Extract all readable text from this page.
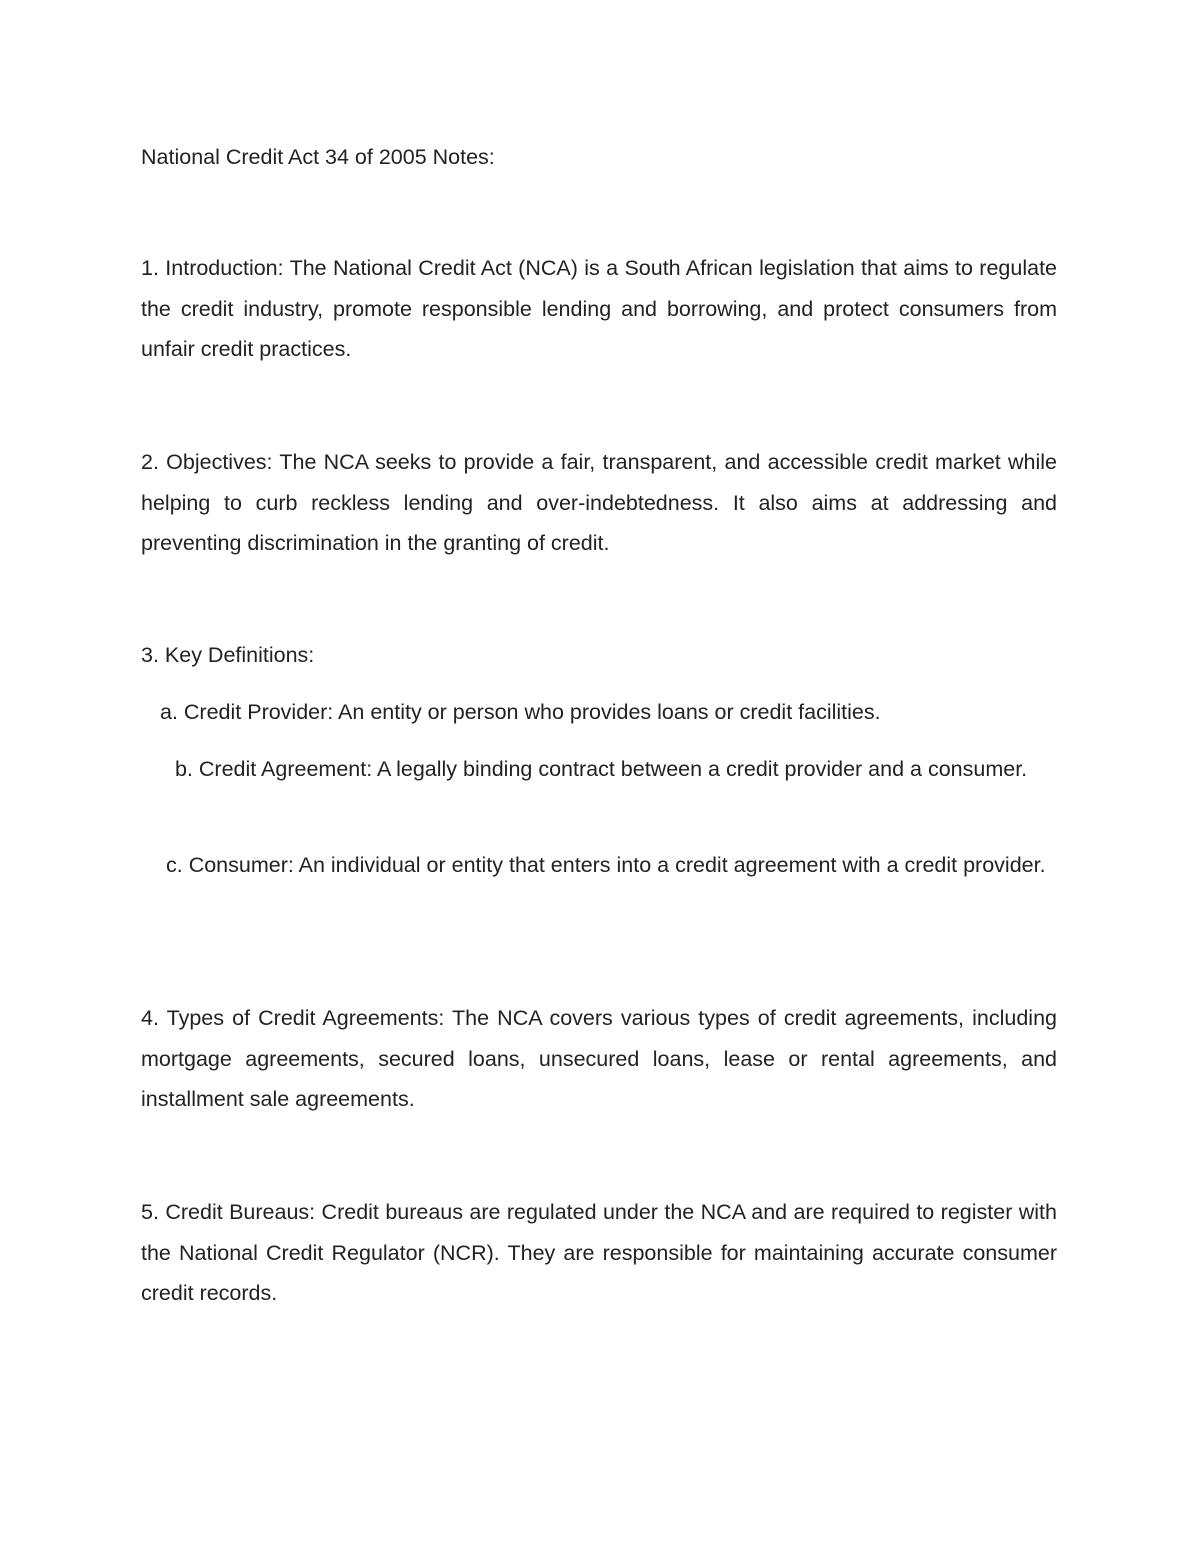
National Credit Act 34 of 2005 Notes:

1. Introduction: The National Credit Act (NCA) is a South African legislation that aims to regulate the credit industry, promote responsible lending and borrowing, and protect consumers from unfair credit practices.

2. Objectives: The NCA seeks to provide a fair, transparent, and accessible credit market while helping to curb reckless lending and over-indebtedness. It also aims at addressing and preventing discrimination in the granting of credit.

3. Key Definitions:

a. Credit Provider: An entity or person who provides loans or credit facilities.

b. Credit Agreement: A legally binding contract between a credit provider and a consumer.

c. Consumer: An individual or entity that enters into a credit agreement with a credit provider.

4. Types of Credit Agreements: The NCA covers various types of credit agreements, including mortgage agreements, secured loans, unsecured loans, lease or rental agreements, and installment sale agreements.

5. Credit Bureaus: Credit bureaus are regulated under the NCA and are required to register with the National Credit Regulator (NCR). They are responsible for maintaining accurate consumer credit records.
